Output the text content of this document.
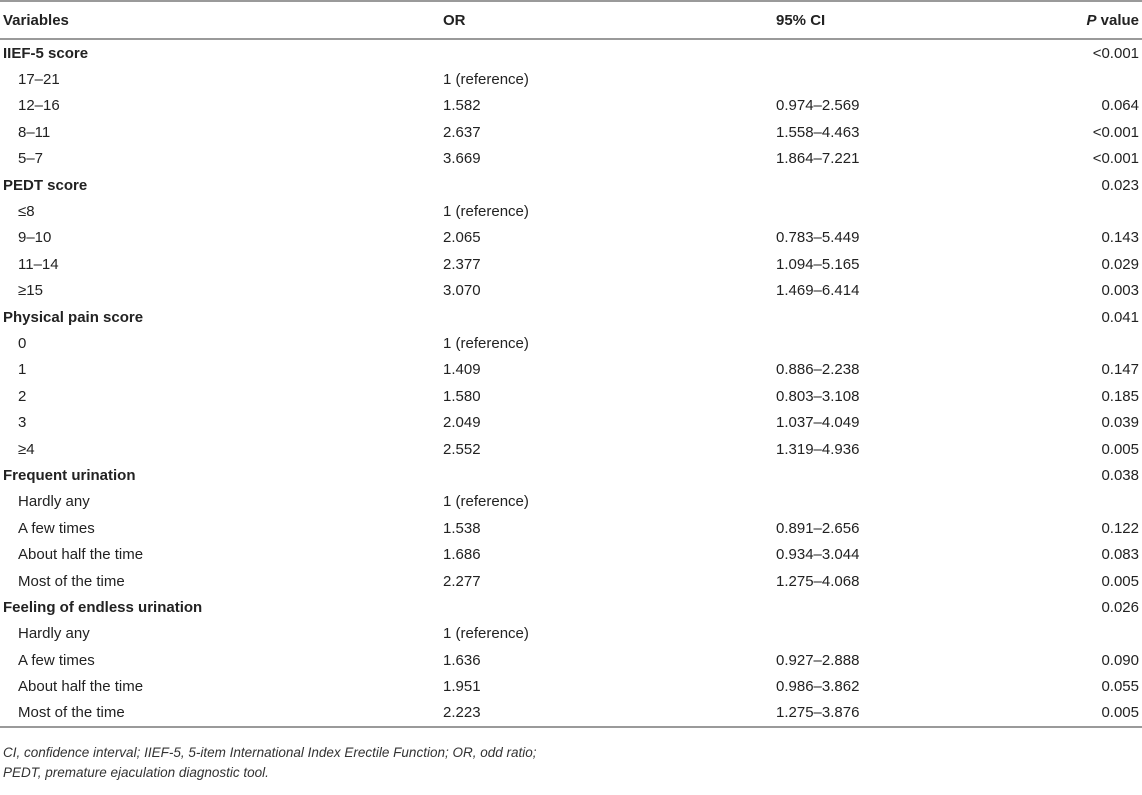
Variables	OR	95% CI	P value
IIEF-5 score			<0.001
17–21	1 (reference)		
12–16	1.582	0.974–2.569	0.064
8–11	2.637	1.558–4.463	<0.001
5–7	3.669	1.864–7.221	<0.001
PEDT score			0.023
≤8	1 (reference)		
9–10	2.065	0.783–5.449	0.143
11–14	2.377	1.094–5.165	0.029
≥15	3.070	1.469–6.414	0.003
Physical pain score			0.041
0	1 (reference)		
1	1.409	0.886–2.238	0.147
2	1.580	0.803–3.108	0.185
3	2.049	1.037–4.049	0.039
≥4	2.552	1.319–4.936	0.005
Frequent urination			0.038
Hardly any	1 (reference)		
A few times	1.538	0.891–2.656	0.122
About half the time	1.686	0.934–3.044	0.083
Most of the time	2.277	1.275–4.068	0.005
Feeling of endless urination			0.026
Hardly any	1 (reference)		
A few times	1.636	0.927–2.888	0.090
About half the time	1.951	0.986–3.862	0.055
Most of the time	2.223	1.275–3.876	0.005
CI, confidence interval; IIEF-5, 5-item International Index Erectile Function; OR, odd ratio;
PEDT, premature ejaculation diagnostic tool.
